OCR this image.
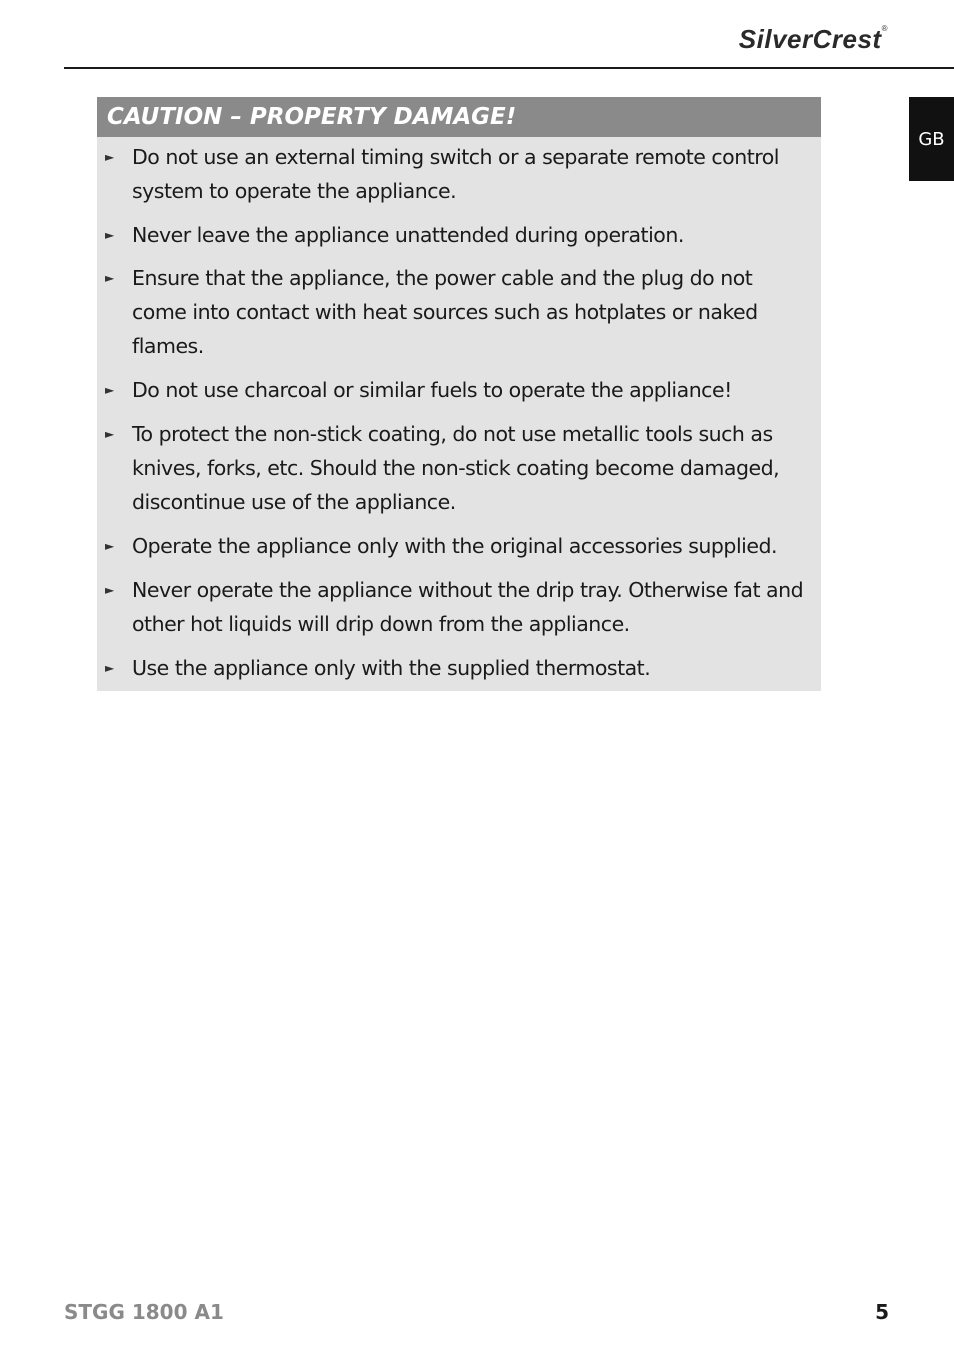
SilverCrest®
GB
CAUTION – PROPERTY DAMAGE!
► Do not use an external timing switch or a separate remote control system to operate the appliance.
► Never leave the appliance unattended during operation.
► Ensure that the appliance, the power cable and the plug do not come into contact with heat sources such as hotplates or naked flames.
► Do not use charcoal or similar fuels to operate the appliance!
► To protect the non-stick coating, do not use metallic tools such as knives, forks, etc. Should the non-stick coating become damaged, discontinue use of the appliance.
► Operate the appliance only with the original accessories supplied.
► Never operate the appliance without the drip tray. Otherwise fat and other hot liquids will drip down from the appliance.
► Use the appliance only with the supplied thermostat.
STGG 1800 A1	5
